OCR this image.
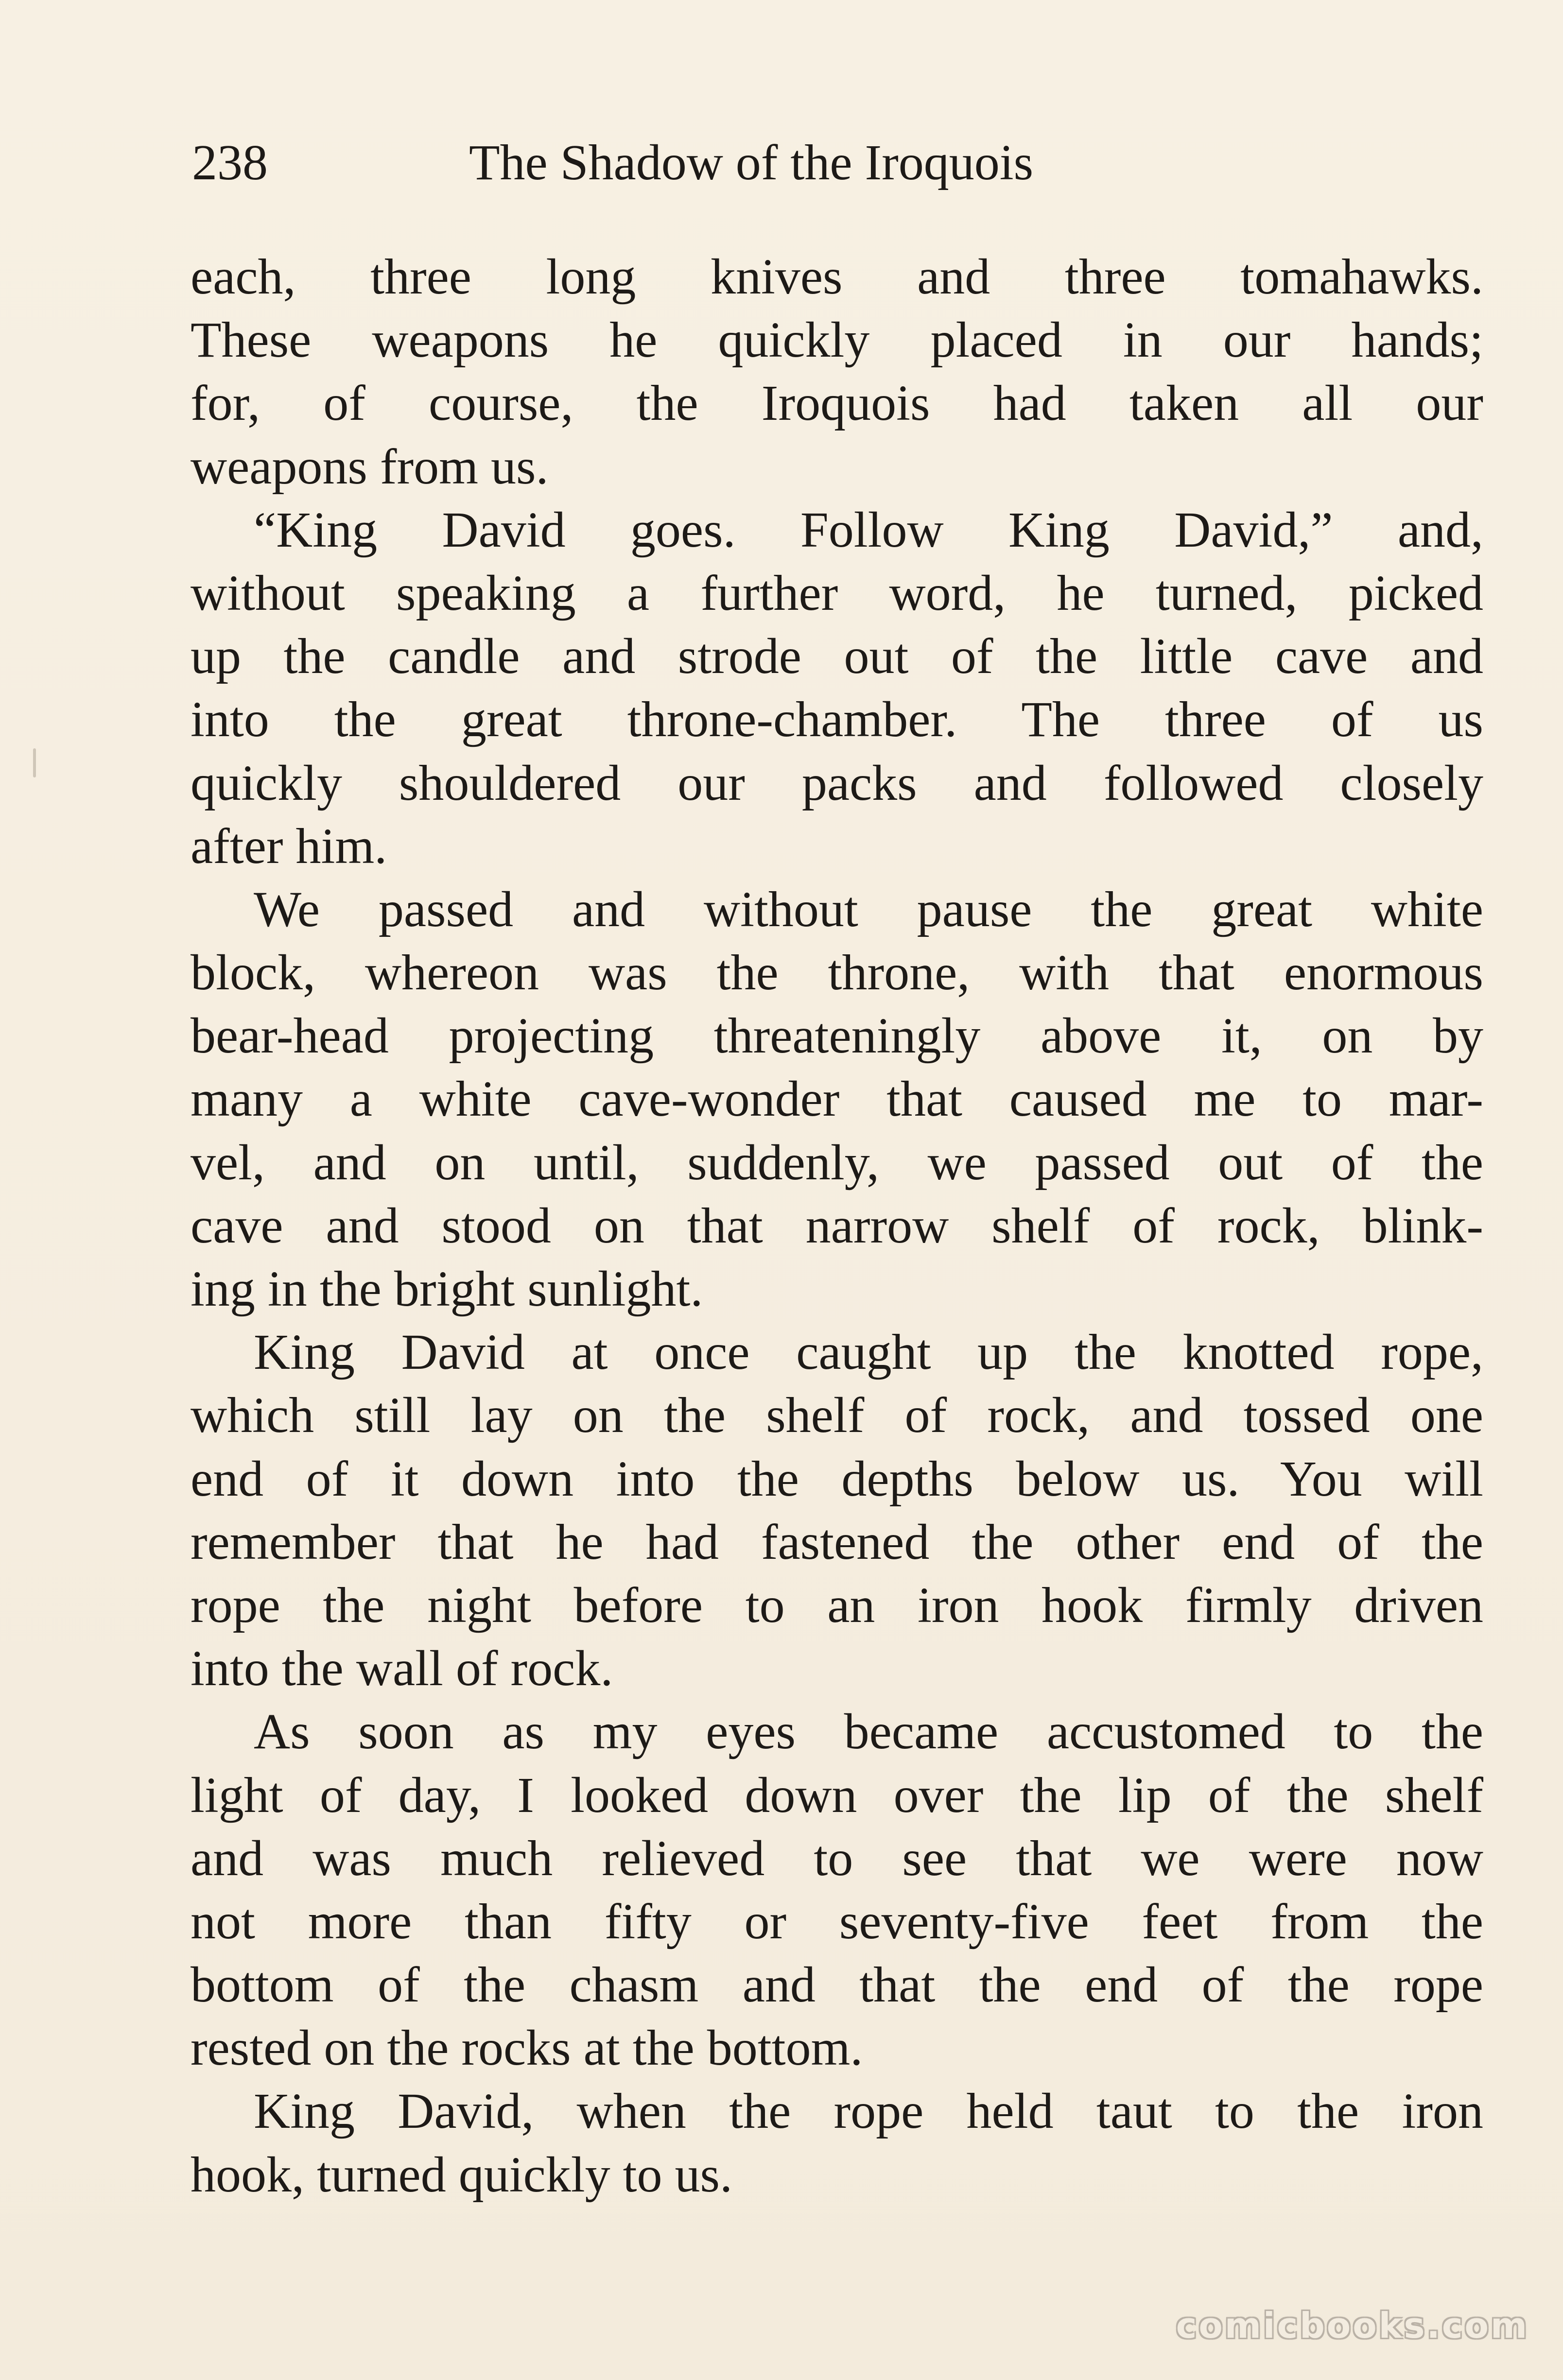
238	The Shadow of the Iroquois
each, three long knives and three tomahawks.
These weapons he quickly placed in our hands;
for, of course, the Iroquois had taken all our
weapons from us.
“King David goes. Follow King David,” and,
without speaking a further word, he turned, picked
up the candle and strode out of the little cave and
into the great throne-chamber. The three of us
quickly shouldered our packs and followed closely
after him.
We passed and without pause the great white
block, whereon was the throne, with that enormous
bear-head projecting threateningly above it, on by
many a white cave-wonder that caused me to mar-
vel, and on until, suddenly, we passed out of the
cave and stood on that narrow shelf of rock, blink-
ing in the bright sunlight.
King David at once caught up the knotted rope,
which still lay on the shelf of rock, and tossed one
end of it down into the depths below us. You will
remember that he had fastened the other end of the
rope the night before to an iron hook firmly driven
into the wall of rock.
As soon as my eyes became accustomed to the
light of day, I looked down over the lip of the shelf
and was much relieved to see that we were now
not more than fifty or seventy-five feet from the
bottom of the chasm and that the end of the rope
rested on the rocks at the bottom.
King David, when the rope held taut to the iron
hook, turned quickly to us.
comicbooks.com
